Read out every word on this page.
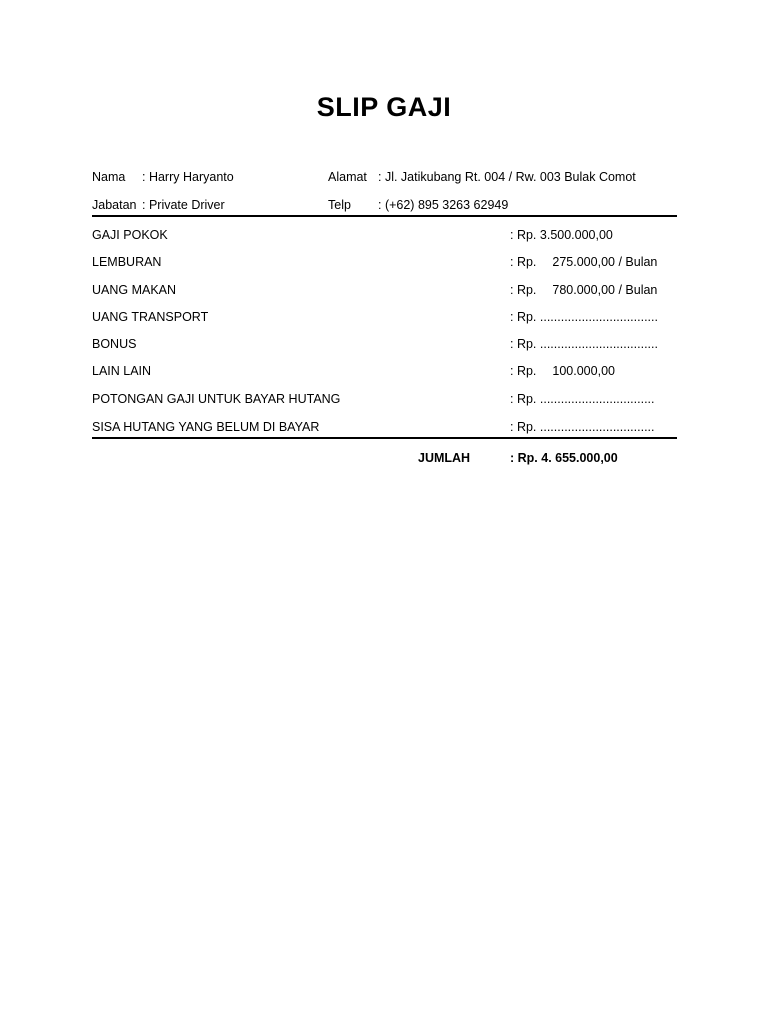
SLIP GAJI
Nama : Harry Haryanto	Alamat : Jl. Jatikubang Rt. 004 / Rw. 003 Bulak Comot
Jabatan : Private Driver	Telp : (+62) 895 3263 62949
GAJI POKOK	: Rp. 3.500.000,00
LEMBURAN	: Rp. 275.000,00 / Bulan
UANG MAKAN	: Rp. 780.000,00 / Bulan
UANG TRANSPORT	: Rp. ..................................
BONUS	: Rp. ..................................
LAIN LAIN	: Rp. 100.000,00
POTONGAN GAJI UNTUK BAYAR HUTANG	: Rp. .................................
SISA HUTANG YANG BELUM DI BAYAR	: Rp. .................................
JUMLAH	: Rp. 4. 655.000,00
